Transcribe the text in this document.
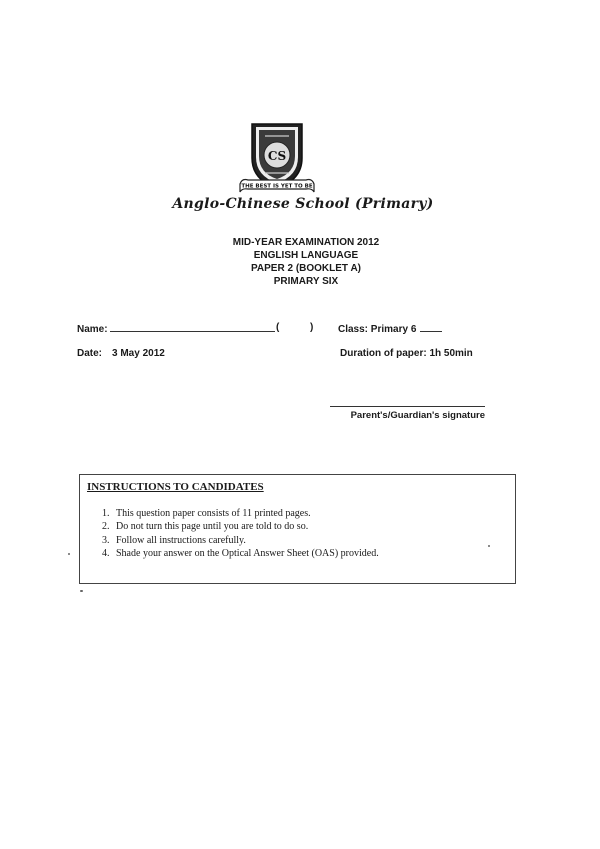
CS
THE BEST IS YET TO BE
Anglo-Chinese School (Primary)
MID-YEAR EXAMINATION 2012
ENGLISH LANGUAGE
PAPER 2 (BOOKLET A)
PRIMARY SIX
Name:	(	) Class: Primary 6
Date: 3 May 2012	Duration of paper: 1h 50min
Parent's/Guardian's signature
INSTRUCTIONS TO CANDIDATES
1. This question paper consists of 11 printed pages.
2. Do not turn this page until you are told to do so.
3. Follow all instructions carefully.
4. Shade your answer on the Optical Answer Sheet (OAS) provided.
